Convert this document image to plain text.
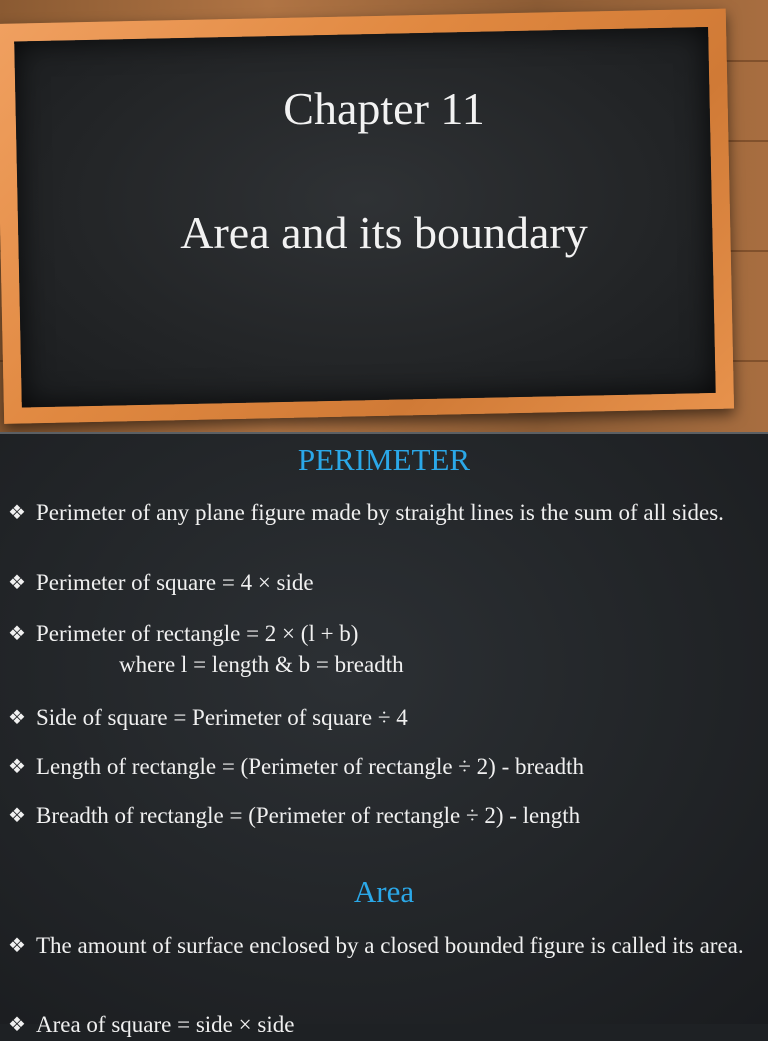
Chapter 11
Area and its boundary
PERIMETER
❖ Perimeter of any plane figure made by straight lines is the sum of all sides.
❖ Perimeter of square = 4 × side
❖ Perimeter of rectangle = 2 × (l + b)
where l = length & b = breadth
❖ Side of square = Perimeter of square ÷ 4
❖ Length of rectangle = (Perimeter of rectangle ÷ 2) - breadth
❖ Breadth of rectangle = (Perimeter of rectangle ÷ 2) - length
Area
❖ The amount of surface enclosed by a closed bounded figure is called its area.
❖ Area of square = side × side
